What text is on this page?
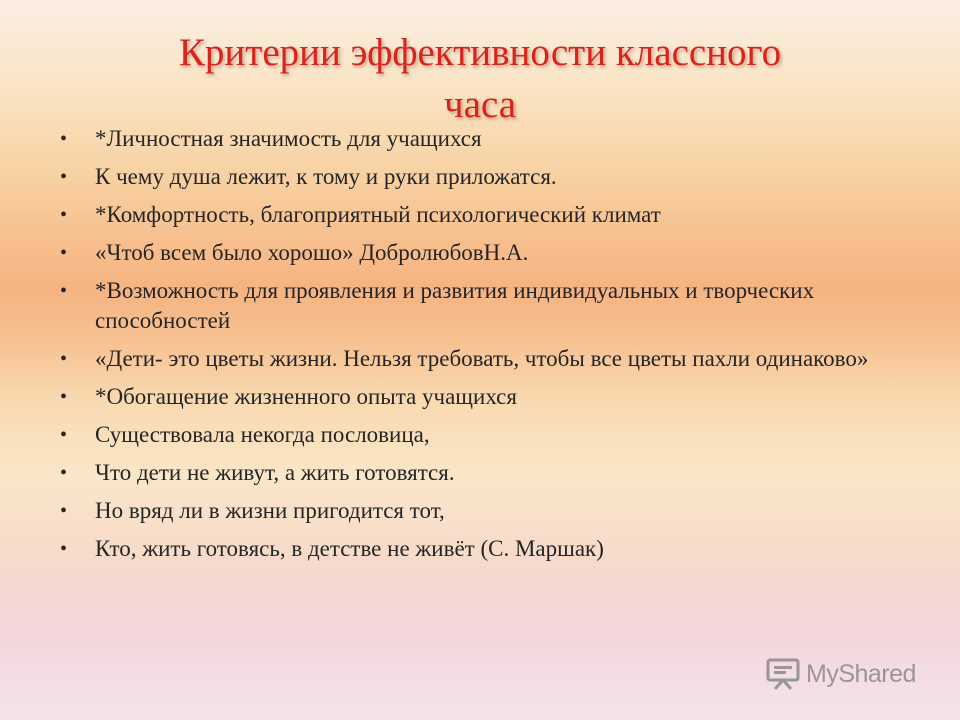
Критерии эффективности классного
часа
•	*Личностная значимость для учащихся
•	К чему душа лежит, к тому и руки приложатся.
•	*Комфортность, благоприятный психологический климат
•	«Чтоб всем было хорошо» ДобролюбовН.А.
•	*Возможность для проявления и развития индивидуальных и творческих способностей
•	«Дети- это цветы жизни. Нельзя требовать, чтобы все цветы пахли одинаково»
•	*Обогащение жизненного опыта учащихся
•	Существовала некогда пословица,
•	Что дети не живут, а жить готовятся.
•	Но вряд ли в жизни пригодится тот,
•	Кто, жить готовясь, в детстве не живёт (С. Маршак)
MyShared
